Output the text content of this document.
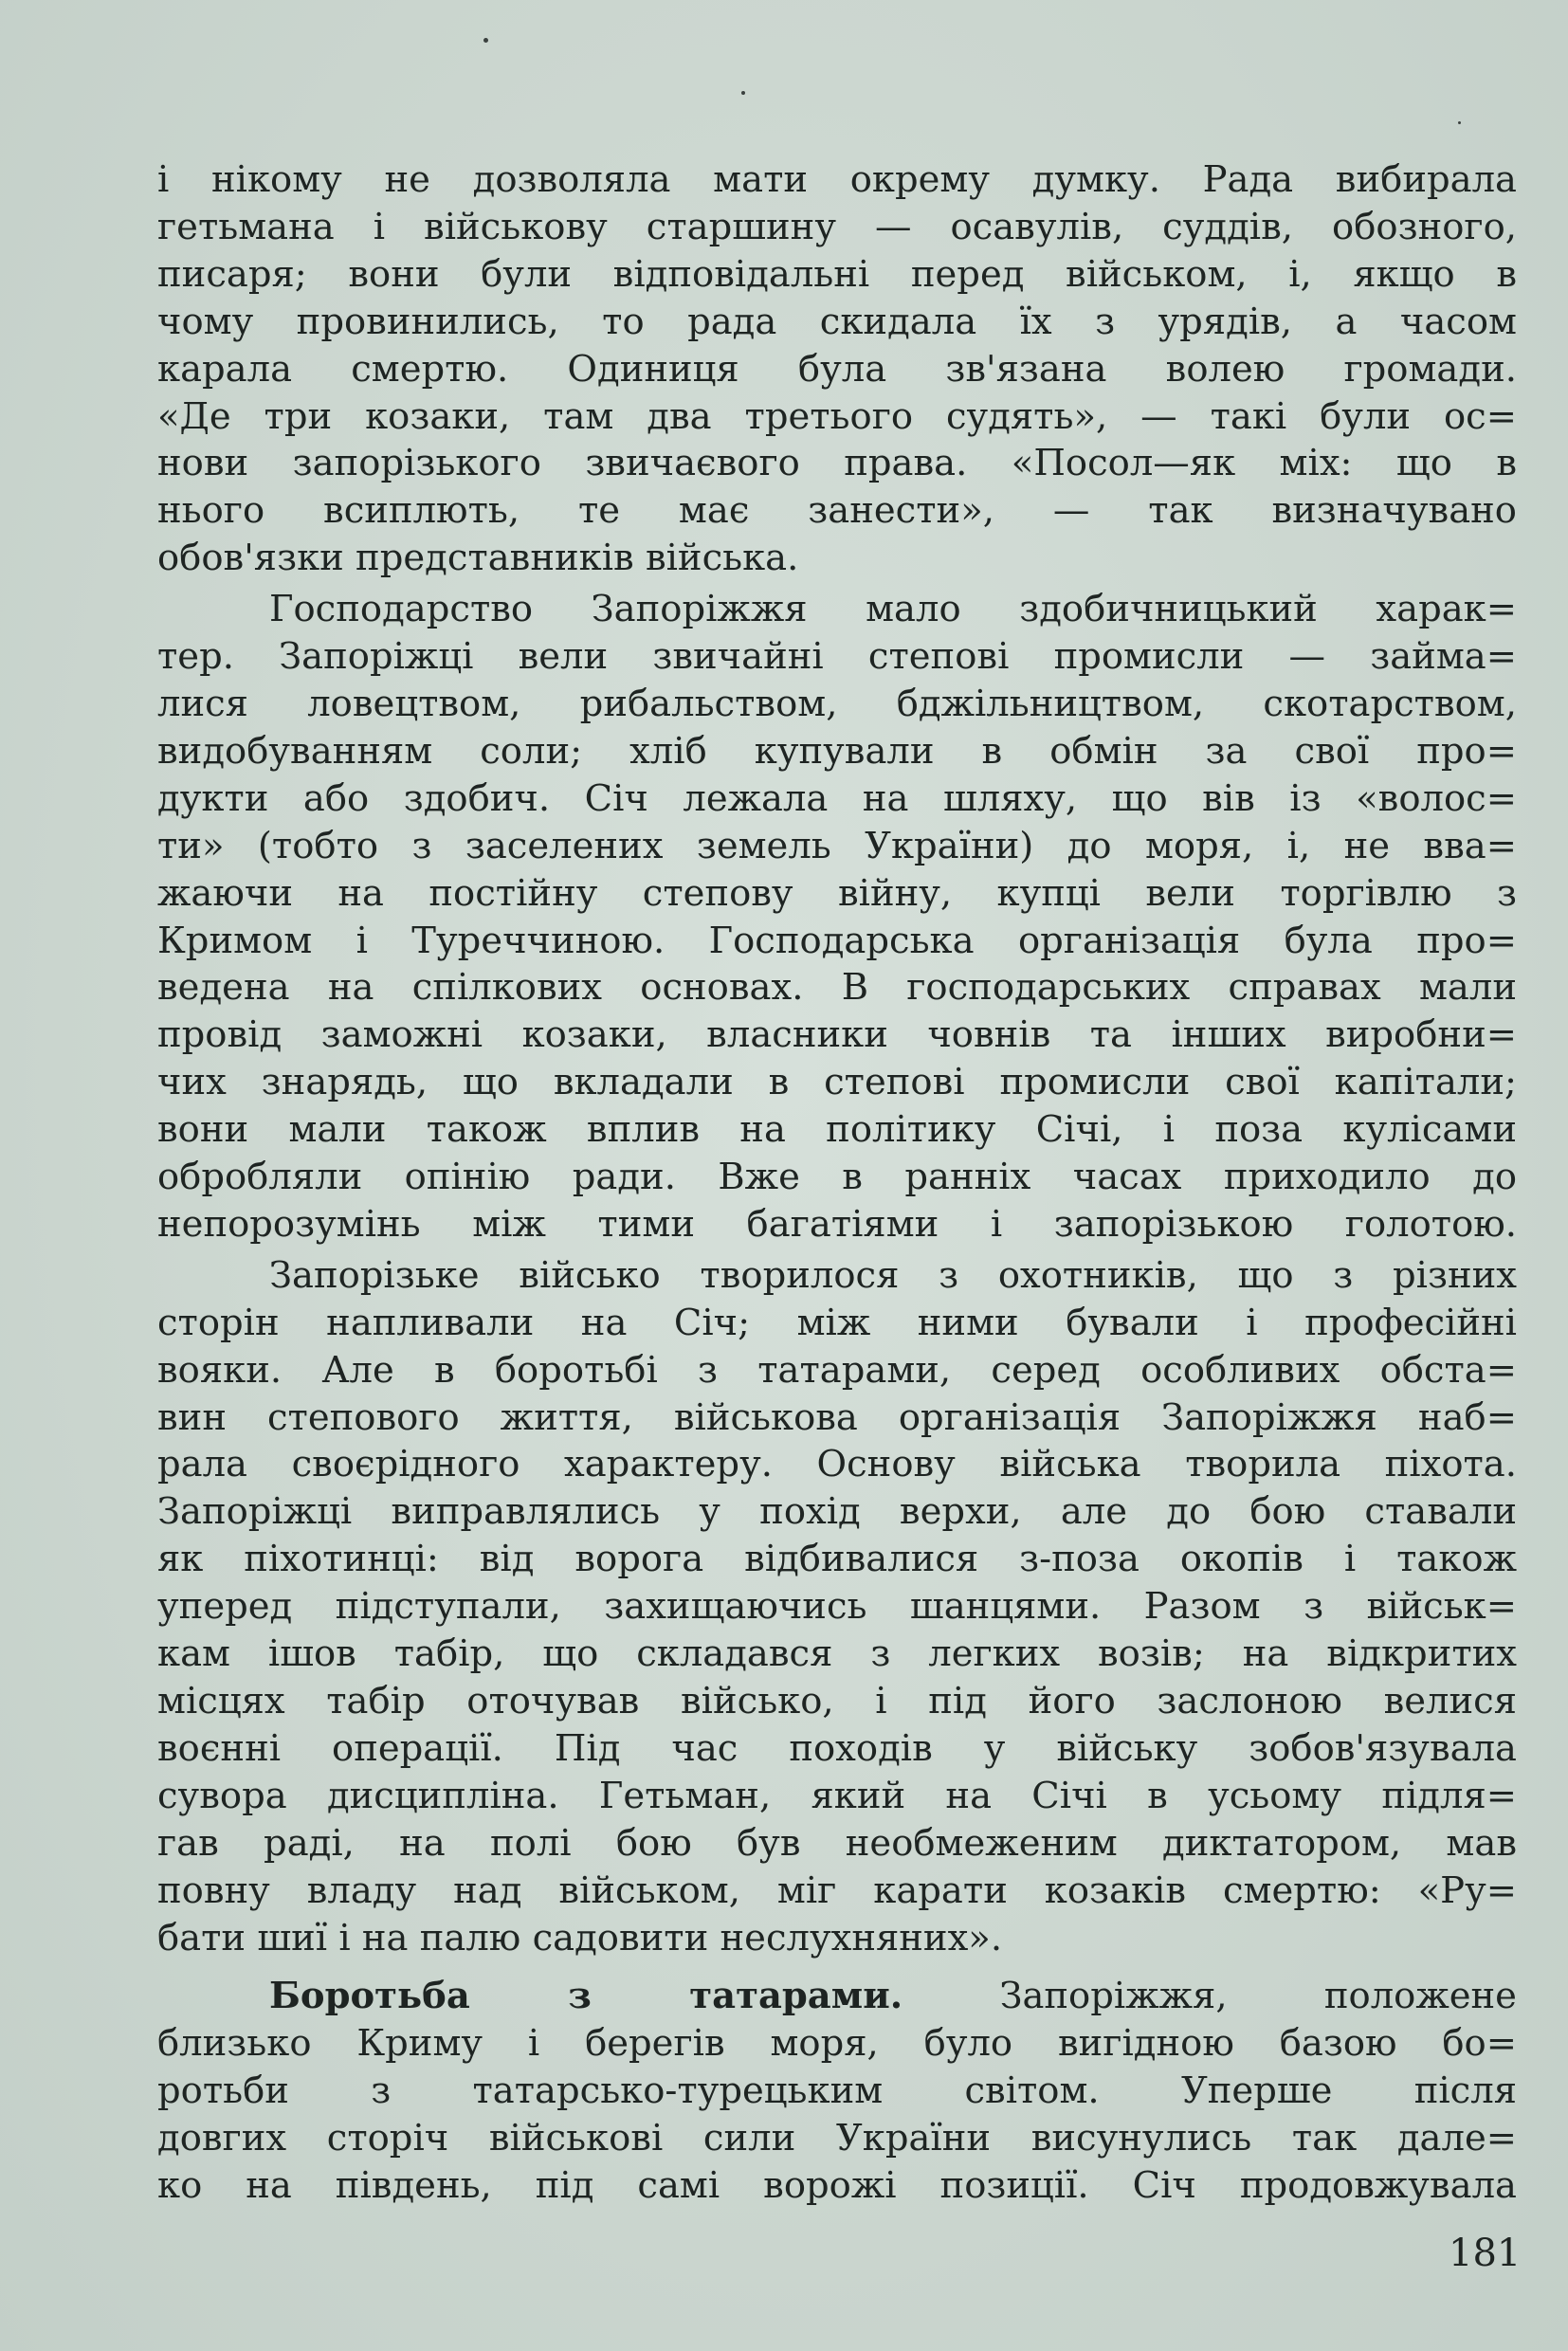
і нікому не дозволяла мати окрему думку. Рада вибирала
гетьмана і військову старшину — осавулів, суддів, обозного,
писаря; вони були відповідальні перед військом, і, якщо в
чому провинились, то рада скидала їх з урядів, а часом
карала смертю. Одиниця була зв'язана волею громади.
«Де три козаки, там два третього судять», — такі були ос=
нови запорізького звичаєвого права. «Посол—як міх: що в
нього всиплють, те має занести», — так визначувано
обов'язки представників війська.
Господарство Запоріжжя мало здобичницький харак=
тер. Запоріжці вели звичайні степові промисли — займа=
лися ловецтвом, рибальством, бджільництвом, скотарством,
видобуванням соли; хліб купували в обмін за свої про=
дукти або здобич. Січ лежала на шляху, що вів із «волос=
ти» (тобто з заселених земель України) до моря, і, не вва=
жаючи на постійну степову війну, купці вели торгівлю з
Кримом і Туреччиною. Господарська організація була про=
ведена на спілкових основах. В господарських справах мали
провід заможні козаки, власники човнів та інших виробни=
чих знарядь, що вкладали в степові промисли свої капітали;
вони мали також вплив на політику Січі, і поза кулісами
обробляли опінію ради. Вже в ранніх часах приходило до
непорозумінь між тими багатіями і запорізькою голотою.
Запорізьке військо творилося з охотників, що з різних
сторін напливали на Січ; між ними бували і професійні
вояки. Але в боротьбі з татарами, серед особливих обста=
вин степового життя, військова організація Запоріжжя наб=
рала своєрідного характеру. Основу війська творила піхота.
Запоріжці виправлялись у похід верхи, але до бою ставали
як піхотинці: від ворога відбивалися з-поза окопів і також
уперед підступали, захищаючись шанцями. Разом з військ=
кам ішов табір, що складався з легких возів; на відкритих
місцях табір оточував військо, і під його заслоною велися
воєнні операції. Під час походів у війську зобов'язувала
сувора дисципліна. Гетьман, який на Січі в усьому підля=
гав раді, на полі бою був необмеженим диктатором, мав
повну владу над військом, міг карати козаків смертю: «Ру=
бати шиї і на палю садовити неслухняних».
Боротьба з татарами.	Запоріжжя, положене
близько Криму і берегів моря, було вигідною базою бо=
ротьби з татарсько-турецьким світом. Уперше після
довгих сторіч військові сили України висунулись так дале=
ко на південь, під самі ворожі позиції. Січ продовжувала
181
